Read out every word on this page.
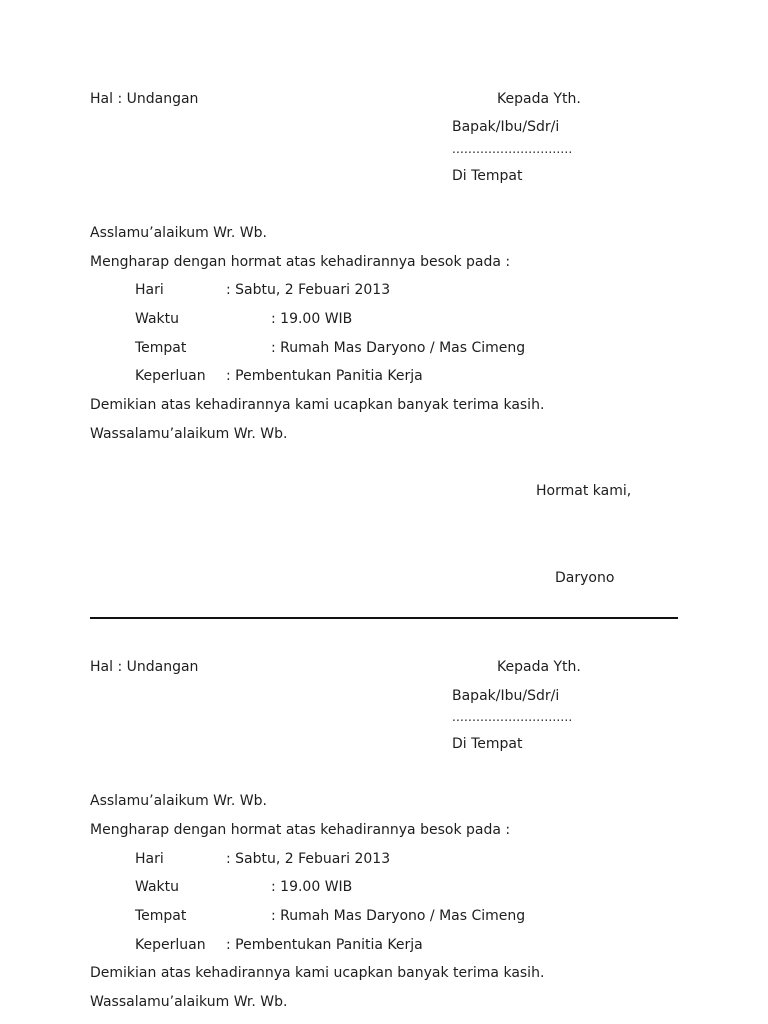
Hal : Undangan	Kepada Yth.
Bapak/Ibu/Sdr/i
..............................
Di Tempat
Asslamu’alaikum Wr. Wb.
Mengharap dengan hormat atas kehadirannya besok pada :
Hari	: Sabtu, 2 Febuari 2013
Waktu	: 19.00 WIB
Tempat	: Rumah Mas Daryono / Mas Cimeng
Keperluan : Pembentukan Panitia Kerja
Demikian atas kehadirannya kami ucapkan banyak terima kasih.
Wassalamu’alaikum Wr. Wb.
Hormat kami,
Daryono
Hal : Undangan	Kepada Yth.
Bapak/Ibu/Sdr/i
..............................
Di Tempat
Asslamu’alaikum Wr. Wb.
Mengharap dengan hormat atas kehadirannya besok pada :
Hari	: Sabtu, 2 Febuari 2013
Waktu	: 19.00 WIB
Tempat	: Rumah Mas Daryono / Mas Cimeng
Keperluan : Pembentukan Panitia Kerja
Demikian atas kehadirannya kami ucapkan banyak terima kasih.
Wassalamu’alaikum Wr. Wb.
